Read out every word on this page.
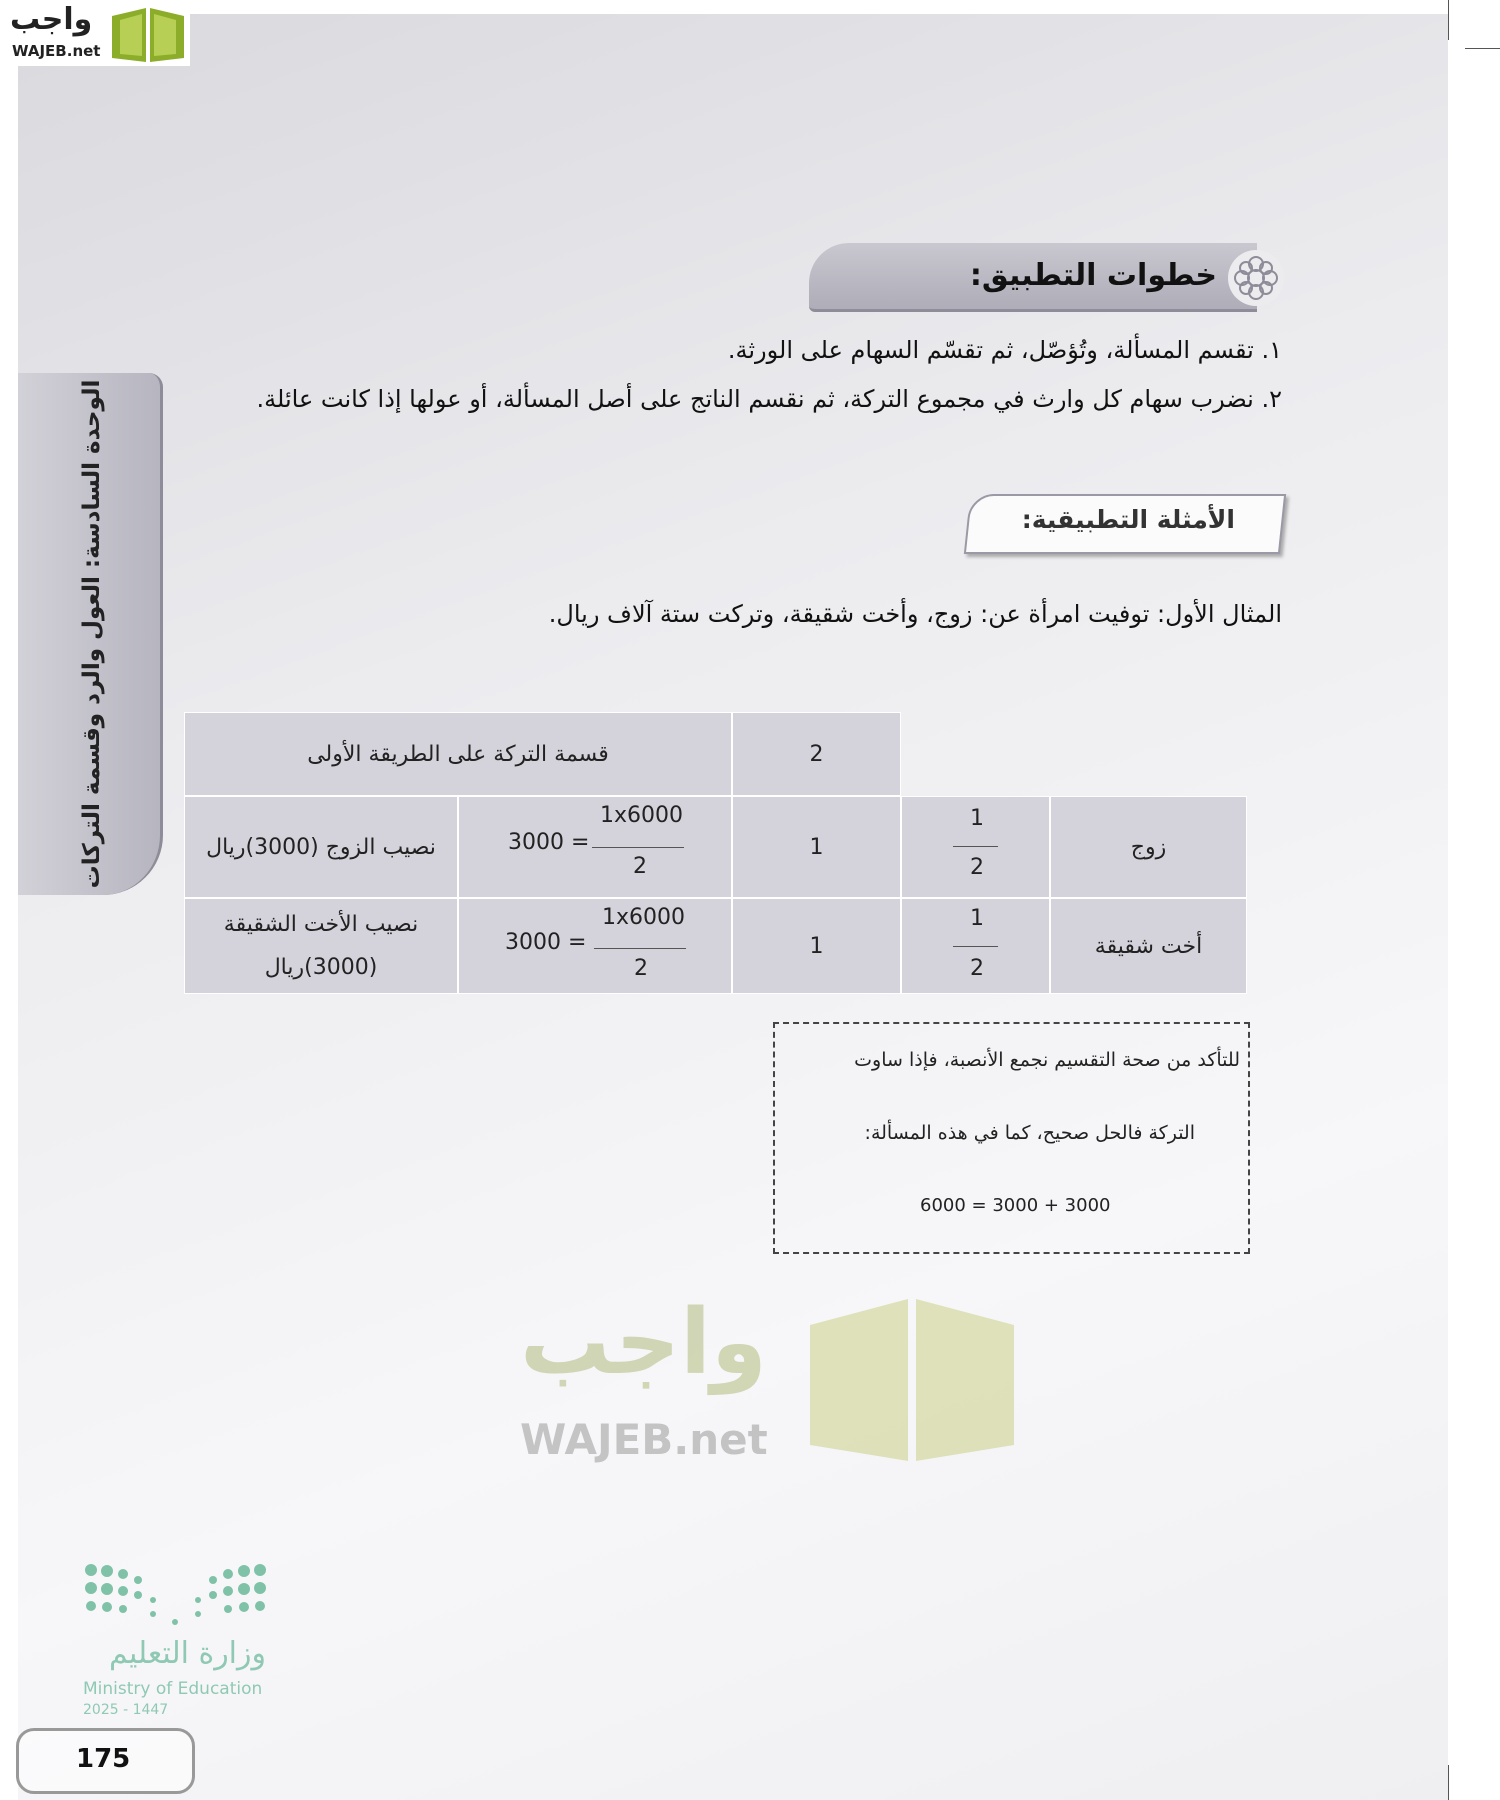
واجب
WAJEB.net
واجب
WAJEB.net
الوحدة السادسة: العول والرد وقسمة التركات
خطوات التطبيق:
١. تقسم المسألة، وتُؤصّل، ثم تقسّم السهام على الورثة.
٢. نضرب سهام كل وارث في مجموع التركة، ثم نقسم الناتج على أصل المسألة، أو عولها إذا كانت عائلة.
الأمثلة التطبيقية:
المثال الأول: توفيت امرأة عن: زوج، وأخت شقيقة، وتركت ستة آلاف ريال.
قسمة التركة على الطريقة الأولى	2
زوج
1
نصيب الزوج (3000)ريال
أخت شقيقة
1
نصيب الأخت الشقيقة
(3000)ريال
1
2
1x6000
3000 =
2
1
2
1x6000
3000 =
2
للتأكد من صحة التقسيم نجمع الأنصبة، فإذا ساوت
التركة فالحل صحيح، كما في هذه المسألة:
6000 = 3000 + 3000
وزارة التعليم
Ministry of Education
2025 - 1447
175
